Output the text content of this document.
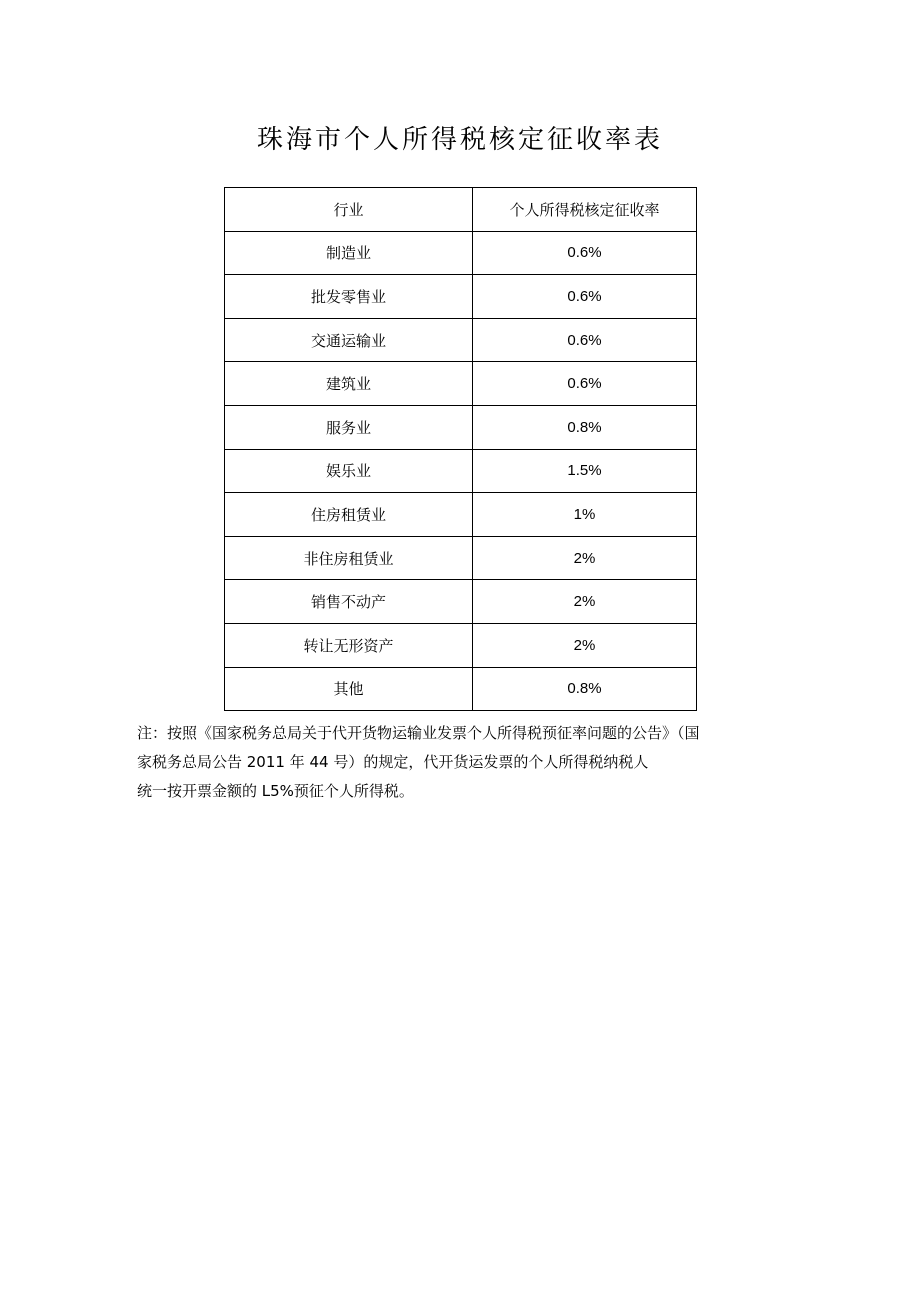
珠海市个人所得税核定征收率表
行业	个人所得税核定征收率
制造业	0.6%
批发零售业	0.6%
交通运输业	0.6%
建筑业	0.6%
服务业	0.8%
娱乐业	1.5%
住房租赁业	1%
非住房租赁业	2%
销售不动产	2%
转让无形资产	2%
其他	0.8%

注：按照《国家税务总局关于代开货物运输业发票个人所得税预征率问题的公告》（国

家税务总局公告 2011 年 44 号）的规定，代开货运发票的个人所得税纳税人

统一按开票金额的 L5%预征个人所得税。
